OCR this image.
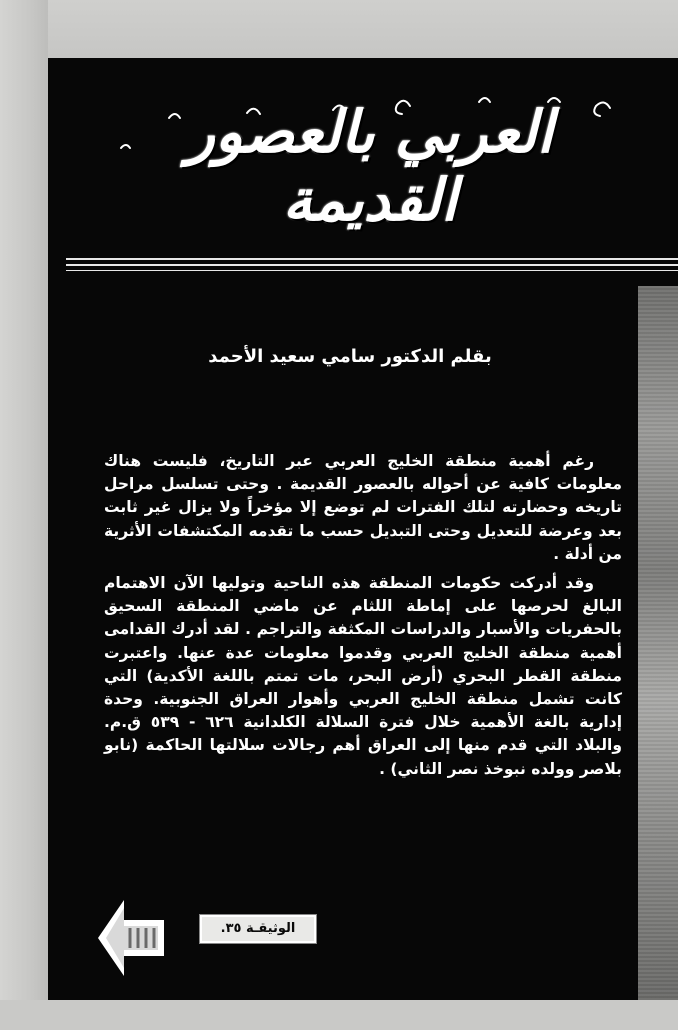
العربي بالعصور القديمة
بقلم الدكتور سامي سعيد الأحمد

رغم أهمية منطقة الخليج العربي عبر التاريخ، فليست هناك معلومات كافية عن أحواله بالعصور القديمة . وحتى تسلسل مراحل تاريخه وحضارته لتلك الفترات لم توضع إلا مؤخراً ولا يزال غير ثابت بعد وعرضة للتعديل وحتى التبديل حسب ما تقدمه المكتشفات الأثرية من أدلة .

وقد أدركت حكومات المنطقة هذه الناحية وتوليها الآن الاهتمام البالغ لحرصها على إماطة اللثام عن ماضي المنطقة السحيق بالحفريات والأسبار والدراسات المكثفة والتراجم . لقد أدرك القدامى أهمية منطقة الخليج العربي وقدموا معلومات عدة عنها. واعتبرت منطقة القطر البحري (أرض البحر، مات تمتم باللغة الأكدية) التي كانت تشمل منطقة الخليج العربي وأهوار العراق الجنوبية. وحدة إدارية بالغة الأهمية خلال فترة السلالة الكلدانية ٦٢٦ - ٥٣٩ ق.م. والبلاد التي قدم منها إلى العراق أهم رجالات سلالتها الحاكمة (نابو بلاصر وولده نبوخذ نصر الثاني) .

الوثيقـة ٣٥.
